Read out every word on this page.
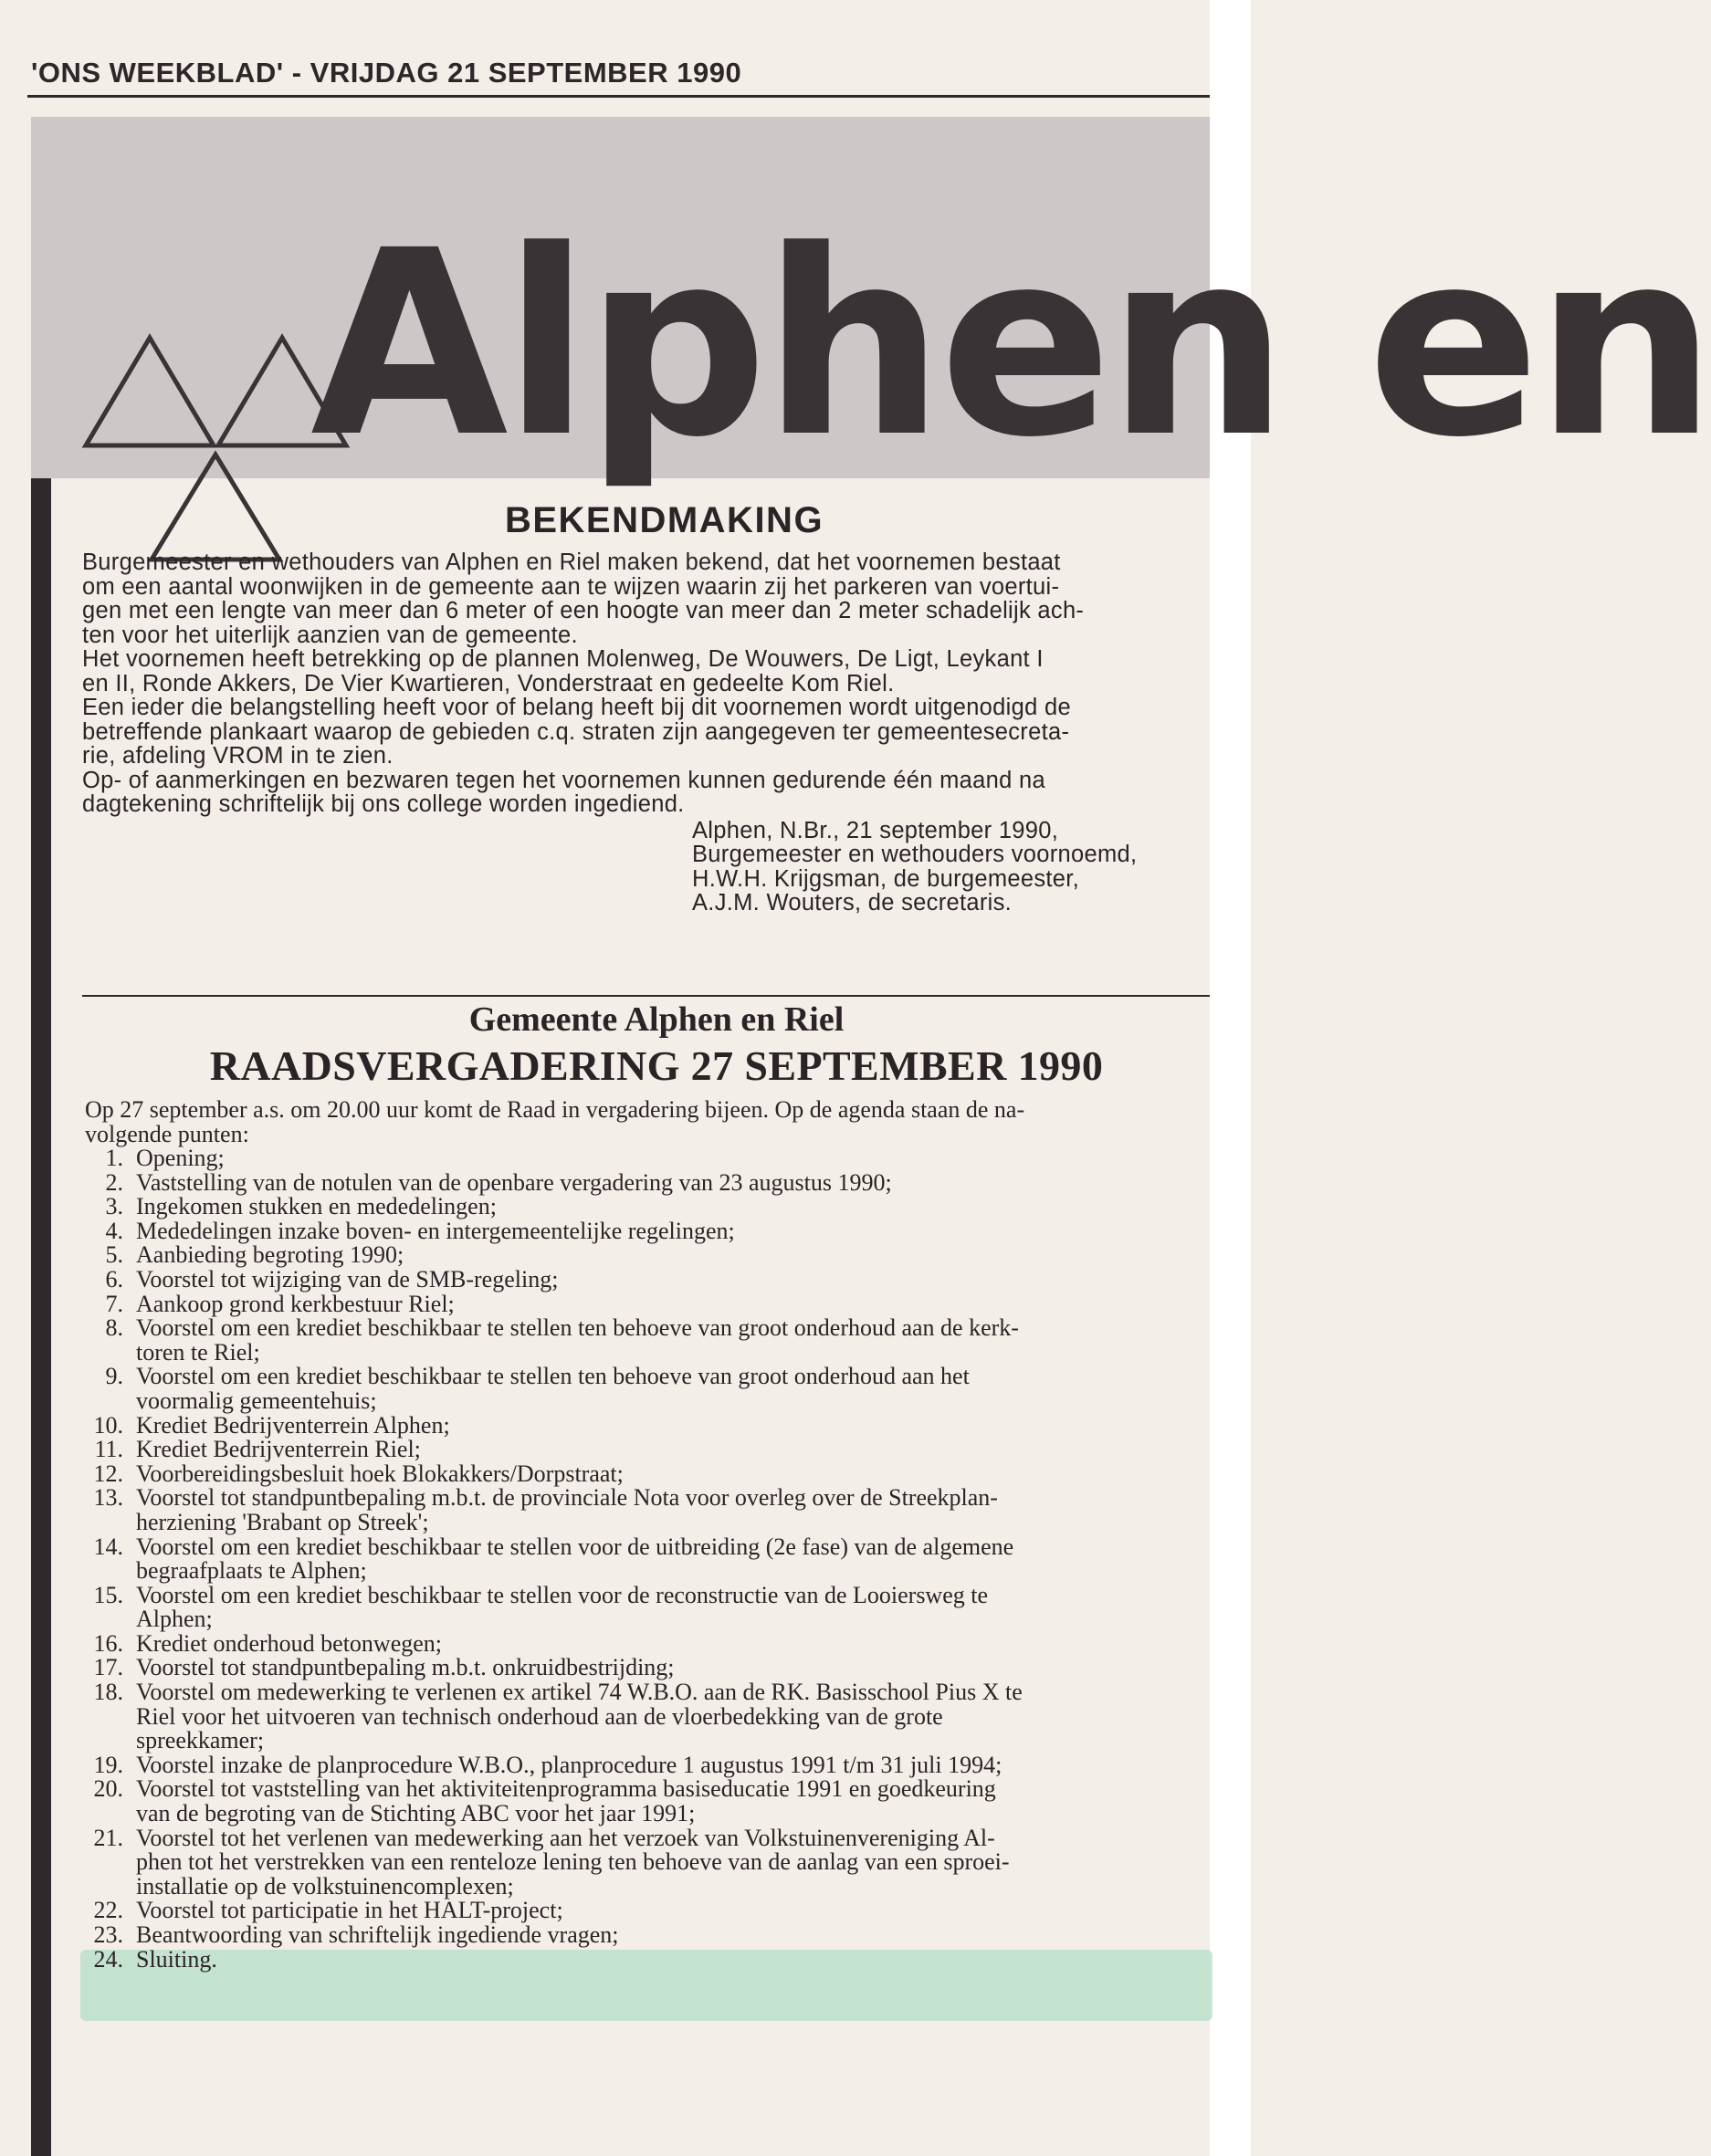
'ONS WEEKBLAD' - VRIJDAG 21 SEPTEMBER 1990
Alphen en
BEKENDMAKING

Burgemeester en wethouders van Alphen en Riel maken bekend, dat het voornemen bestaat

om een aantal woonwijken in de gemeente aan te wijzen waarin zij het parkeren van voertui-

gen met een lengte van meer dan 6 meter of een hoogte van meer dan 2 meter schadelijk ach-

ten voor het uiterlijk aanzien van de gemeente.

Het voornemen heeft betrekking op de plannen Molenweg, De Wouwers, De Ligt, Leykant I

en II, Ronde Akkers, De Vier Kwartieren, Vonderstraat en gedeelte Kom Riel.

Een ieder die belangstelling heeft voor of belang heeft bij dit voornemen wordt uitgenodigd de

betreffende plankaart waarop de gebieden c.q. straten zijn aangegeven ter gemeentesecreta-

rie, afdeling VROM in te zien.

Op- of aanmerkingen en bezwaren tegen het voornemen kunnen gedurende één maand na

dagtekening schriftelijk bij ons college worden ingediend.

Alphen, N.Br., 21 september 1990,
Burgemeester en wethouders voornoemd,
H.W.H. Krijgsman, de burgemeester,
A.J.M. Wouters, de secretaris.
Gemeente Alphen en Riel
RAADSVERGADERING 27 SEPTEMBER 1990
Op 27 september a.s. om 20.00 uur komt de Raad in vergadering bijeen. Op de agenda staan de na-
volgende punten:
1. Opening;
2. Vaststelling van de notulen van de openbare vergadering van 23 augustus 1990;
3. Ingekomen stukken en mededelingen;
4. Mededelingen inzake boven- en intergemeentelijke regelingen;
5. Aanbieding begroting 1990;
6. Voorstel tot wijziging van de SMB-regeling;
7. Aankoop grond kerkbestuur Riel;
8. Voorstel om een krediet beschikbaar te stellen ten behoeve van groot onderhoud aan de kerk-
toren te Riel;
9. Voorstel om een krediet beschikbaar te stellen ten behoeve van groot onderhoud aan het
voormalig gemeentehuis;
10. Krediet Bedrijventerrein Alphen;
11. Krediet Bedrijventerrein Riel;
12. Voorbereidingsbesluit hoek Blokakkers/Dorpstraat;
13. Voorstel tot standpuntbepaling m.b.t. de provinciale Nota voor overleg over de Streekplan-
herziening 'Brabant op Streek';
14. Voorstel om een krediet beschikbaar te stellen voor de uitbreiding (2e fase) van de algemene
begraafplaats te Alphen;
15. Voorstel om een krediet beschikbaar te stellen voor de reconstructie van de Looiersweg te
Alphen;
16. Krediet onderhoud betonwegen;
17. Voorstel tot standpuntbepaling m.b.t. onkruidbestrijding;
18. Voorstel om medewerking te verlenen ex artikel 74 W.B.O. aan de RK. Basisschool Pius X te
Riel voor het uitvoeren van technisch onderhoud aan de vloerbedekking van de grote
spreekkamer;
19. Voorstel inzake de planprocedure W.B.O., planprocedure 1 augustus 1991 t/m 31 juli 1994;
20. Voorstel tot vaststelling van het aktiviteitenprogramma basiseducatie 1991 en goedkeuring
van de begroting van de Stichting ABC voor het jaar 1991;
21. Voorstel tot het verlenen van medewerking aan het verzoek van Volkstuinenvereniging Al-
phen tot het verstrekken van een renteloze lening ten behoeve van de aanlag van een sproei-
installatie op de volkstuinencomplexen;
22. Voorstel tot participatie in het HALT-project;
23. Beantwoording van schriftelijk ingediende vragen;
24. Sluiting.
